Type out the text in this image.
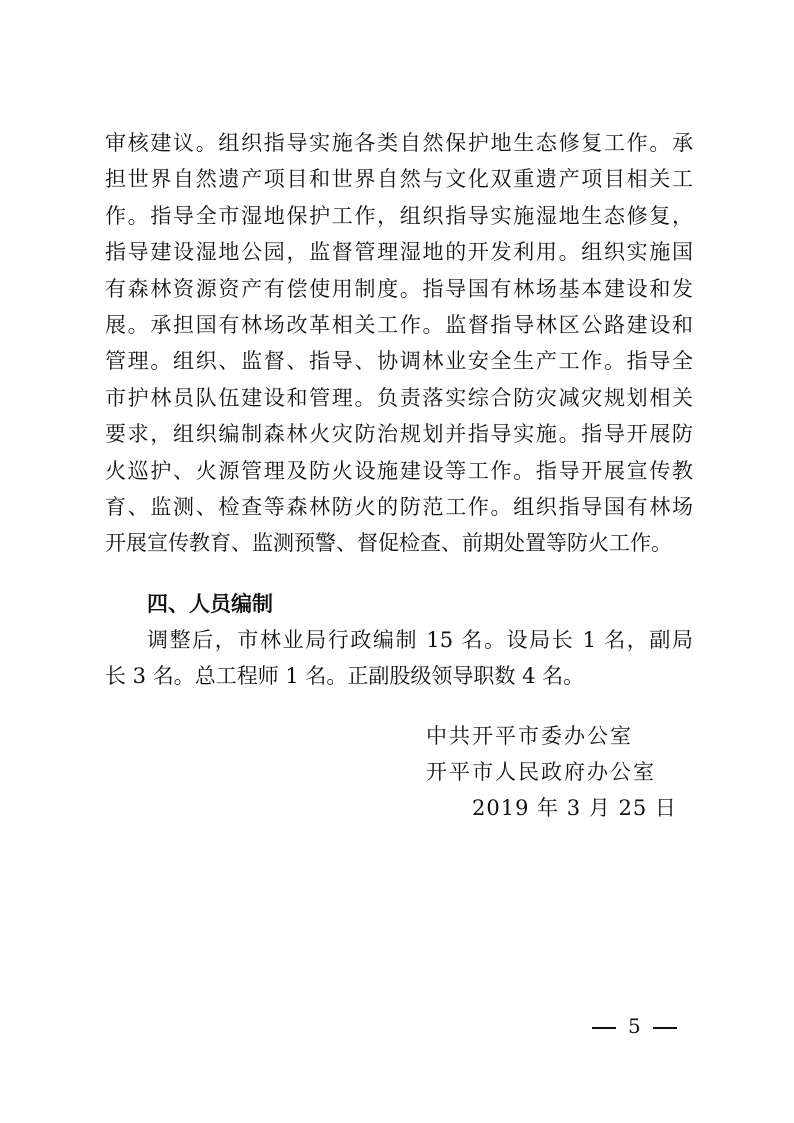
审核建议。组织指导实施各类自然保护地生态修复工作。承
担世界自然遗产项目和世界自然与文化双重遗产项目相关工
作。指导全市湿地保护工作，组织指导实施湿地生态修复，
指导建设湿地公园，监督管理湿地的开发利用。组织实施国
有森林资源资产有偿使用制度。指导国有林场基本建设和发
展。承担国有林场改革相关工作。监督指导林区公路建设和
管理。组织、监督、指导、协调林业安全生产工作。指导全
市护林员队伍建设和管理。负责落实综合防灾减灾规划相关
要求，组织编制森林火灾防治规划并指导实施。指导开展防
火巡护、火源管理及防火设施建设等工作。指导开展宣传教
育、监测、检查等森林防火的防范工作。组织指导国有林场
开展宣传教育、监测预警、督促检查、前期处置等防火工作。
四、人员编制
调整后，市林业局行政编制 15 名。设局长 1 名，副局
长 3 名。总工程师 1 名。正副股级领导职数 4 名。
中共开平市委办公室
开平市人民政府办公室
2019 年 3 月 25 日
5
